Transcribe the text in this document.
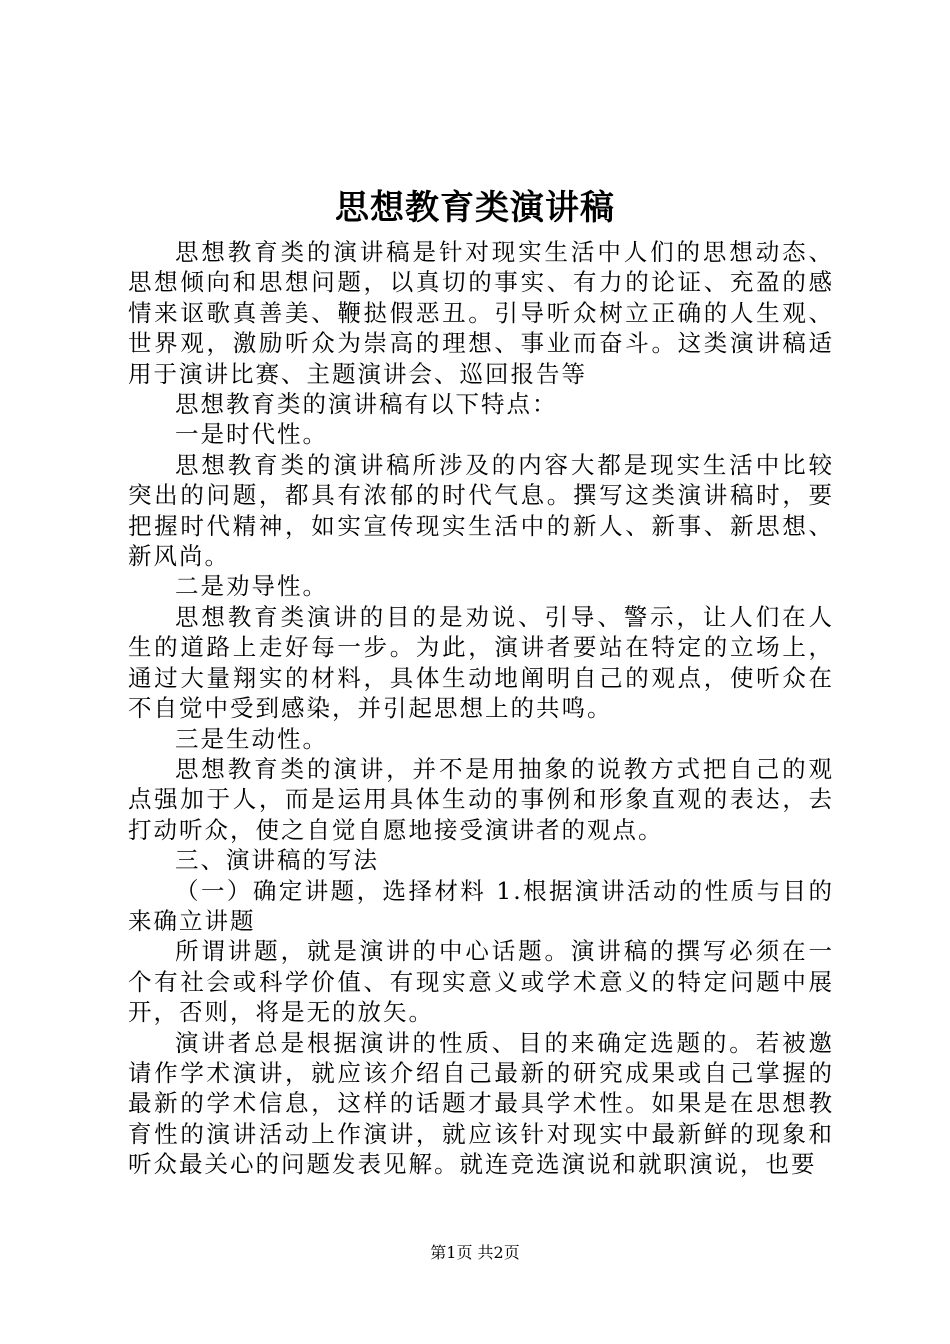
思想教育类演讲稿

思想教育类的演讲稿是针对现实生活中人们的思想动态、思想倾向和思想问题，以真切的事实、有力的论证、充盈的感情来讴歌真善美、鞭挞假恶丑。引导听众树立正确的人生观、世界观，激励听众为崇高的理想、事业而奋斗。这类演讲稿适用于演讲比赛、主题演讲会、巡回报告等

思想教育类的演讲稿有以下特点：

一是时代性。

思想教育类的演讲稿所涉及的内容大都是现实生活中比较突出的问题，都具有浓郁的时代气息。撰写这类演讲稿时，要把握时代精神，如实宣传现实生活中的新人、新事、新思想、新风尚。

二是劝导性。

思想教育类演讲的目的是劝说、引导、警示，让人们在人生的道路上走好每一步。为此，演讲者要站在特定的立场上，通过大量翔实的材料，具体生动地阐明自己的观点，使听众在不自觉中受到感染，并引起思想上的共鸣。

三是生动性。

思想教育类的演讲，并不是用抽象的说教方式把自己的观点强加于人，而是运用具体生动的事例和形象直观的表达，去打动听众，使之自觉自愿地接受演讲者的观点。

三、演讲稿的写法

（一）确定讲题，选择材料 1.根据演讲活动的性质与目的来确立讲题

所谓讲题，就是演讲的中心话题。演讲稿的撰写必须在一个有社会或科学价值、有现实意义或学术意义的特定问题中展开，否则，将是无的放矢。

演讲者总是根据演讲的性质、目的来确定选题的。若被邀请作学术演讲，就应该介绍自己最新的研究成果或自己掌握的最新的学术信息，这样的话题才最具学术性。如果是在思想教育性的演讲活动上作演讲，就应该针对现实中最新鲜的现象和听众最关心的问题发表见解。就连竞选演说和就职演说，也要

第1页 共2页
